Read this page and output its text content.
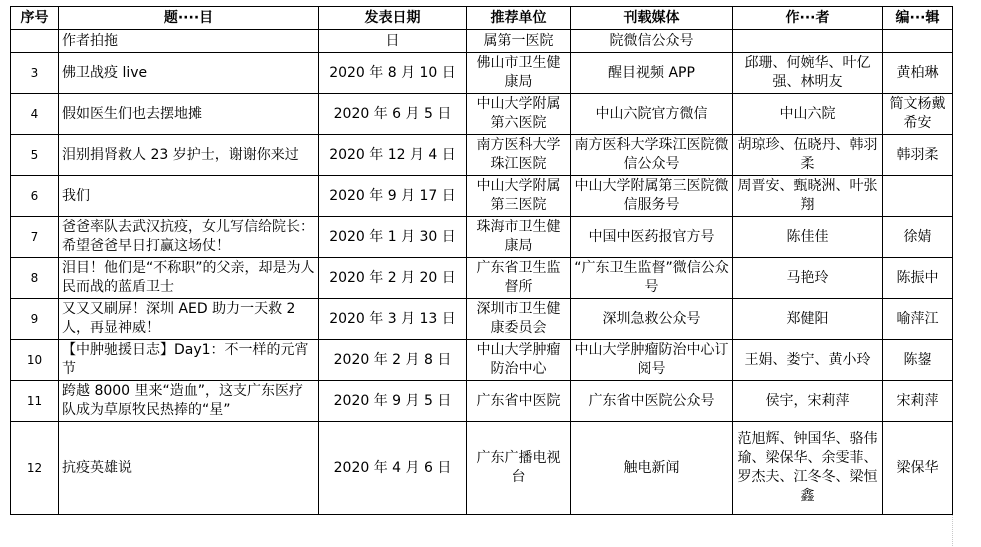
序号	题····目	发表日期	推荐单位	刊载媒体	作···者	编···辑
	作者拍拖	日	属第一医院	院微信公众号		
3	佛卫战疫 live	2020 年 8 月 10 日	佛山市卫生健康局	醒目视频 APP	邱珊、何婉华、叶亿强、林明友	黄柏琳
4	假如医生们也去摆地摊	2020 年 6 月 5 日	中山大学附属第六医院	中山六院官方微信	中山六院	简文杨戴希安
5	泪别捐肾救人 23 岁护士，谢谢你来过	2020 年 12 月 4 日	南方医科大学珠江医院	南方医科大学珠江医院微信公众号	胡琼珍、伍晓丹、韩羽柔	韩羽柔
6	我们	2020 年 9 月 17 日	中山大学附属第三医院	中山大学附属第三医院微信服务号	周晋安、甄晓洲、叶张翔	
7	爸爸率队去武汉抗疫，女儿写信给院长：希望爸爸早日打赢这场仗！	2020 年 1 月 30 日	珠海市卫生健康局	中国中医药报官方号	陈佳佳	徐婧
8	泪目！他们是“不称职”的父亲，却是为人民而战的蓝盾卫士	2020 年 2 月 20 日	广东省卫生监督所	“广东卫生监督”微信公众号	马艳玲	陈振中
9	又又又刷屏！深圳 AED 助力一天救 2 人，再显神威！	2020 年 3 月 13 日	深圳市卫生健康委员会	深圳急救公众号	郑健阳	喻萍江
10	【中肿驰援日志】Day1：不一样的元宵节	2020 年 2 月 8 日	中山大学肿瘤防治中心	中山大学肿瘤防治中心订阅号	王娟、娄宁、黄小玲	陈鋆
11	跨越 8000 里来“造血”，这支广东医疗队成为草原牧民热捧的“星”	2020 年 9 月 5 日	广东省中医院	广东省中医院公众号	侯宇，宋莉萍	宋莉萍
12	抗疫英雄说	2020 年 4 月 6 日	广东广播电视台	触电新闻	范旭辉、钟国华、骆伟瑜、梁保华、余雯菲、罗杰夫、江冬冬、梁恒鑫	梁保华
